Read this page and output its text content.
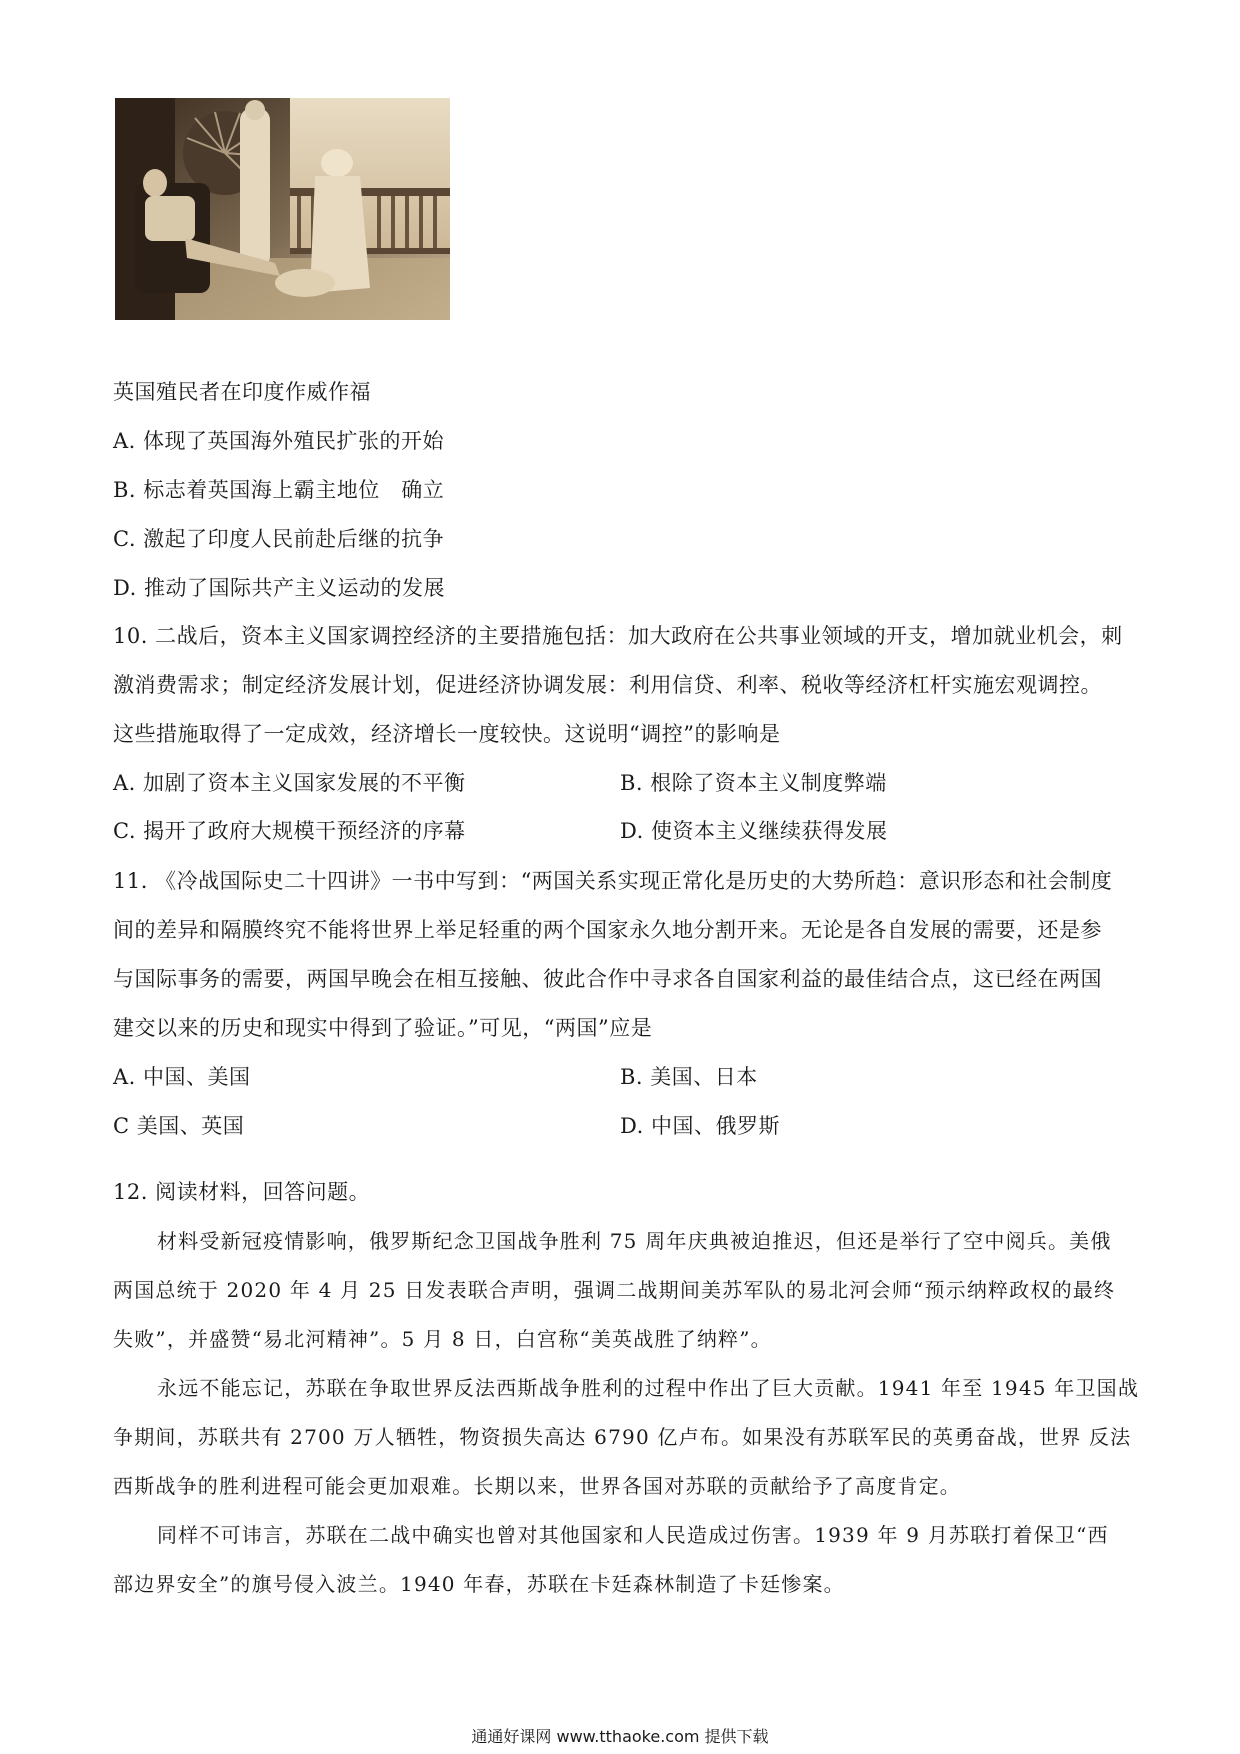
英国殖民者在印度作威作福
A. 体现了英国海外殖民扩张的开始
B. 标志着英国海上霸主地位　确立
C. 激起了印度人民前赴后继的抗争
D. 推动了国际共产主义运动的发展
10. 二战后，资本主义国家调控经济的主要措施包括：加大政府在公共事业领域的开支，增加就业机会，刺
激消费需求；制定经济发展计划，促进经济协调发展：利用信贷、利率、税收等经济杠杆实施宏观调控。
这些措施取得了一定成效，经济增长一度较快。这说明“调控”的影响是
A. 加剧了资本主义国家发展的不平衡	B. 根除了资本主义制度弊端
C. 揭开了政府大规模干预经济的序幕	D. 使资本主义继续获得发展
11. 《冷战国际史二十四讲》一书中写到：“两国关系实现正常化是历史的大势所趋：意识形态和社会制度
间的差异和隔膜终究不能将世界上举足轻重的两个国家永久地分割开来。无论是各自发展的需要，还是参
与国际事务的需要，两国早晚会在相互接触、彼此合作中寻求各自国家利益的最佳结合点，这已经在两国
建交以来的历史和现实中得到了验证。”可见，“两国”应是
A. 中国、美国	B. 美国、日本
C 美国、英国	D. 中国、俄罗斯
12. 阅读材料，回答问题。
材料受新冠疫情影响，俄罗斯纪念卫国战争胜利 75 周年庆典被迫推迟，但还是举行了空中阅兵。美俄
两国总统于 2020 年 4 月 25 日发表联合声明，强调二战期间美苏军队的易北河会师“预示纳粹政权的最终
失败”，并盛赞“易北河精神”。5 月 8 日，白宫称“美英战胜了纳粹”。
永远不能忘记，苏联在争取世界反法西斯战争胜利的过程中作出了巨大贡献。1941 年至 1945 年卫国战
争期间，苏联共有 2700 万人牺牲，物资损失高达 6790 亿卢布。如果没有苏联军民的英勇奋战，世界 反法
西斯战争的胜利进程可能会更加艰难。长期以来，世界各国对苏联的贡献给予了高度肯定。
同样不可讳言，苏联在二战中确实也曾对其他国家和人民造成过伤害。1939 年 9 月苏联打着保卫“西
部边界安全”的旗号侵入波兰。1940 年春，苏联在卡廷森林制造了卡廷惨案。
通通好课网 www.tthaoke.com 提供下载
